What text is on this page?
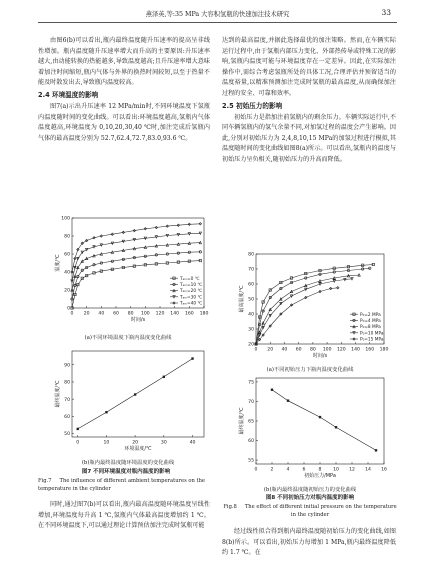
燕泽英,等:35 MPa 大容积氢瓶的快速加注技术研究	33

由图6(b)可以看出,瓶内最终温度随升压速率的提高呈非线性增加。瓶内温度随升压速率增大而升高的主要原因:升压速率越大,由动能转换的热能越多,导致温度越高;且升压速率增大意味着加注时间缩短,瓶内气体与外界的换热时间较短,以至于热量不能及时散发出去,导致瓶内温度较高。

2.4 环境温度的影响

图7(a)示出升压速率 12 MPa/min时,不同环境温度下氢瓶内温度随时间的变化曲线。可以看出:环境温度越高,氢瓶内气体温度越高,环境温度为 0,10,20,30,40 ℃时,加注完成后氢瓶内气体的最高温度分别为 52.7,62.4,72.7,83.0,93.6 ℃。

0 20 40 60 80 100 120 140 160 180
0
20
40
60
80
100
时间/s
温度/℃
Tₐₘ=0 ℃
Tₐₘ=10 ℃
Tₐₘ=20 ℃
Tₐₘ=30 ℃
Tₐₘ=40 ℃
(a)不同环境温度下瓶内温度变化曲线
0	10	20	30	40
50
60
70
80
90
环境温度/℃
最终温度/℃
(b)瓶内最终温度随环境温度的变化曲线
图7 不同环境温度对瓶内温度的影响
Fig.7 The influence of different ambient temperatures on the temperature in the cylinder

同时,通过图7(b)可以看出,瓶内最高温度随环境温度呈线性增加,环境温度每升高 1 ℃,氢瓶内气体最高温度增加约 1 ℃。在不同环境温度下,可以通过理论计算预估加注完成时氢瓶可能

达到的最高温度,并据此选择最优的加注策略。然而,在车辆实际运行过程中,由于氢瓶内部压力变化、外部热传导或特殊工况的影响,氢瓶内温度可能与环境温度存在一定差异。因此,在实际加注操作中,需综合考虑氢瓶所处的具体工况,合理评估并预留适当的温度裕量,以精准预测加注完成时氢瓶的最高温度,从而确保加注过程的安全、可靠和效率。

2.5 初始压力的影响

初始压力是指加注前氢瓶内的剩余压力。车辆实际运行中,不同车辆氢瓶内的氢气余量不同,对加氢过程的温度会产生影响。因此,分别对初始压力为 2,4,8,10,15 MPa的加氢过程进行模拟,其温度随时间的变化曲线如图8(a)所示。可以看出,氢瓶内的温度与初始压力呈负相关,随初始压力的升高而降低。

0 20 40 60 80 100 120 140 160 180
20
30
40
50
60
70
80
时间/s
最高温度/℃
P₀=2 MPa
P₀=4 MPa
P₀=8 MPa
P₀=10 MPa
P₀=15 MPa
(a)不同初始压力下瓶内温度变化曲线
0	2	4	6	8	10 12 14 16
55
60
65
70
75
初始压力/MPa
最终温度/℃
(b)瓶内最终温度随初始压力的变化曲线
图8 不同初始压力对瓶内温度的影响
Fig.8 The effect of different initial pressure on the temperature in the cylinder

经过线性拟合得到瓶内最终温度随初始压力的变化曲线,如图8(b)所示。可以看出,初始压力每增加 1 MPa,瓶内最终温度降低约 1.7 ℃。在
